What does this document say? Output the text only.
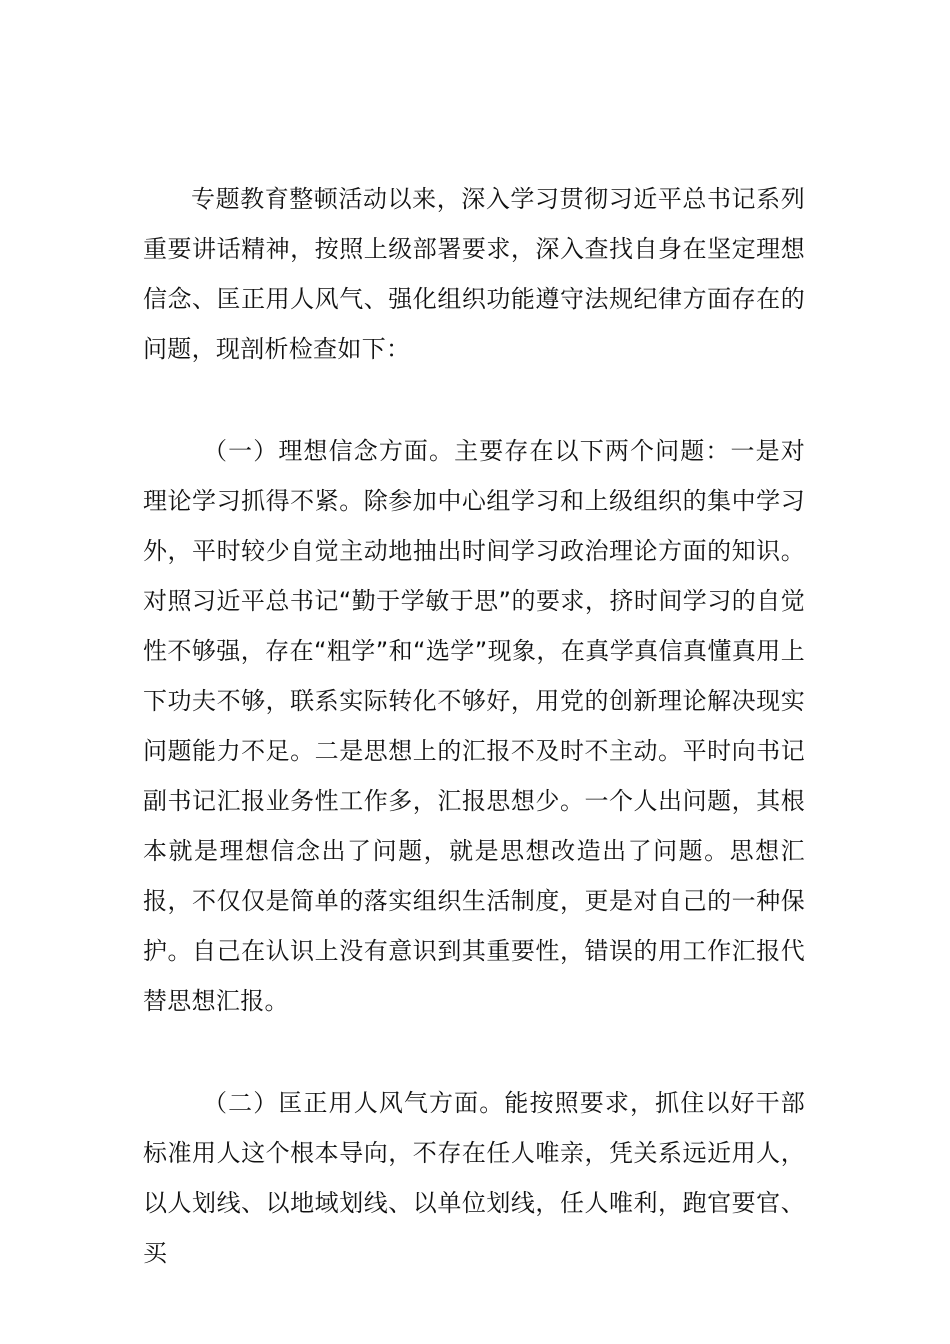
专题教育整顿活动以来，深入学习贯彻习近平总书记系列重要讲话精神，按照上级部署要求，深入查找自身在坚定理想信念、匡正用人风气、强化组织功能遵守法规纪律方面存在的问题，现剖析检查如下：

（一）理想信念方面。主要存在以下两个问题：一是对理论学习抓得不紧。除参加中心组学习和上级组织的集中学习外，平时较少自觉主动地抽出时间学习政治理论方面的知识。对照习近平总书记“勤于学敏于思”的要求，挤时间学习的自觉性不够强，存在“粗学”和“选学”现象，在真学真信真懂真用上下功夫不够，联系实际转化不够好，用党的创新理论解决现实问题能力不足。二是思想上的汇报不及时不主动。平时向书记副书记汇报业务性工作多，汇报思想少。一个人出问题，其根本就是理想信念出了问题，就是思想改造出了问题。思想汇报，不仅仅是简单的落实组织生活制度，更是对自己的一种保护。自己在认识上没有意识到其重要性，错误的用工作汇报代替思想汇报。

（二）匡正用人风气方面。能按照要求，抓住以好干部标准用人这个根本导向，不存在任人唯亲，凭关系远近用人，以人划线、以地域划线、以单位划线，任人唯利，跑官要官、买
